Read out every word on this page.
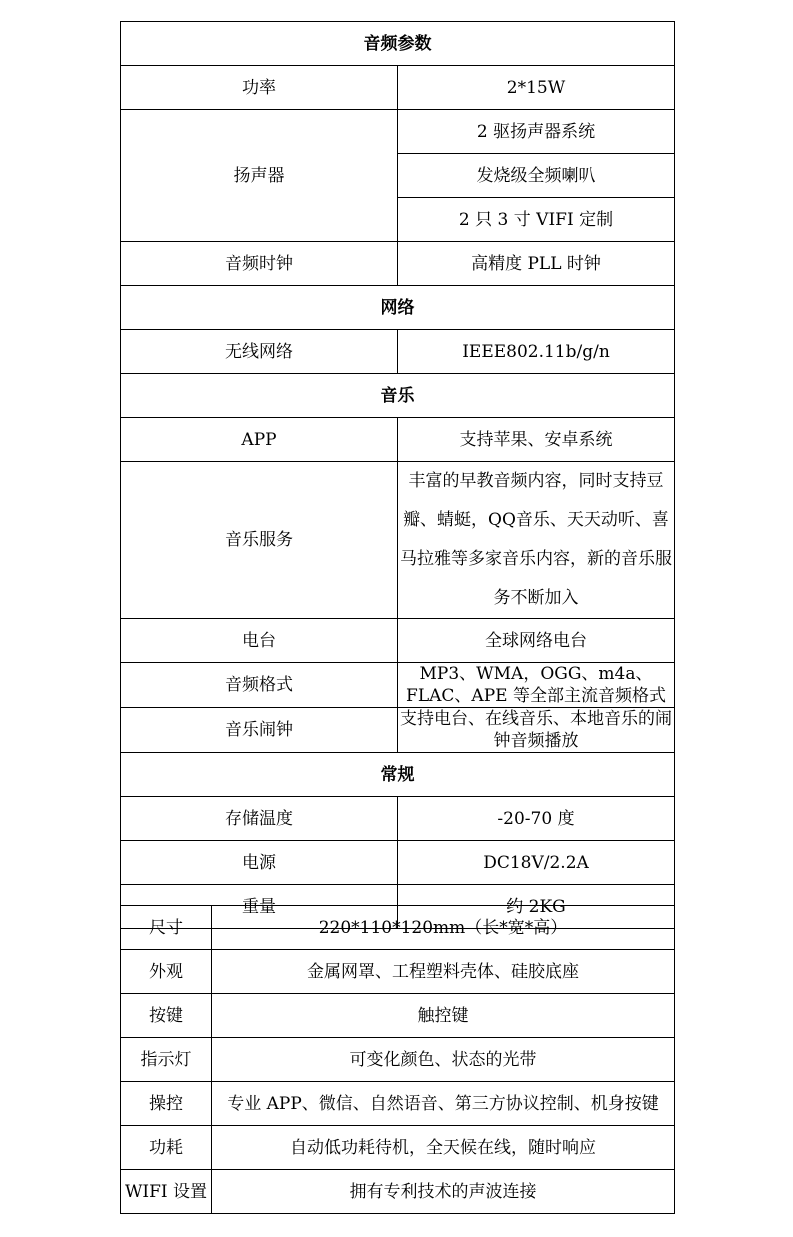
音频参数	
功率	2*15W
扬声器	2 驱扬声器系统
	发烧级全频喇叭
	2 只 3 寸 VIFI 定制
音频时钟	高精度 PLL 时钟
网络	
无线网络	IEEE802.11b/g/n
音乐	
APP	支持苹果、安卓系统
音乐服务	丰富的早教音频内容，同时支持豆瓣、蜻蜓，QQ音乐、天天动听、喜马拉雅等多家音乐内容，新的音乐服务不断加入
电台	全球网络电台
音频格式	MP3、WMA，OGG、m4a、FLAC、APE 等全部主流音频格式
音乐闹钟	支持电台、在线音乐、本地音乐的闹钟音频播放
常规	
存储温度	-20-70 度
电源	DC18V/2.2A
重量	约 2KG
尺寸	220*110*120mm（长*宽*高）
外观	金属网罩、工程塑料壳体、硅胶底座
按键	触控键
指示灯	可变化颜色、状态的光带
操控	专业 APP、微信、自然语音、第三方协议控制、机身按键
功耗	自动低功耗待机，全天候在线，随时响应
WIFI 设置	拥有专利技术的声波连接
